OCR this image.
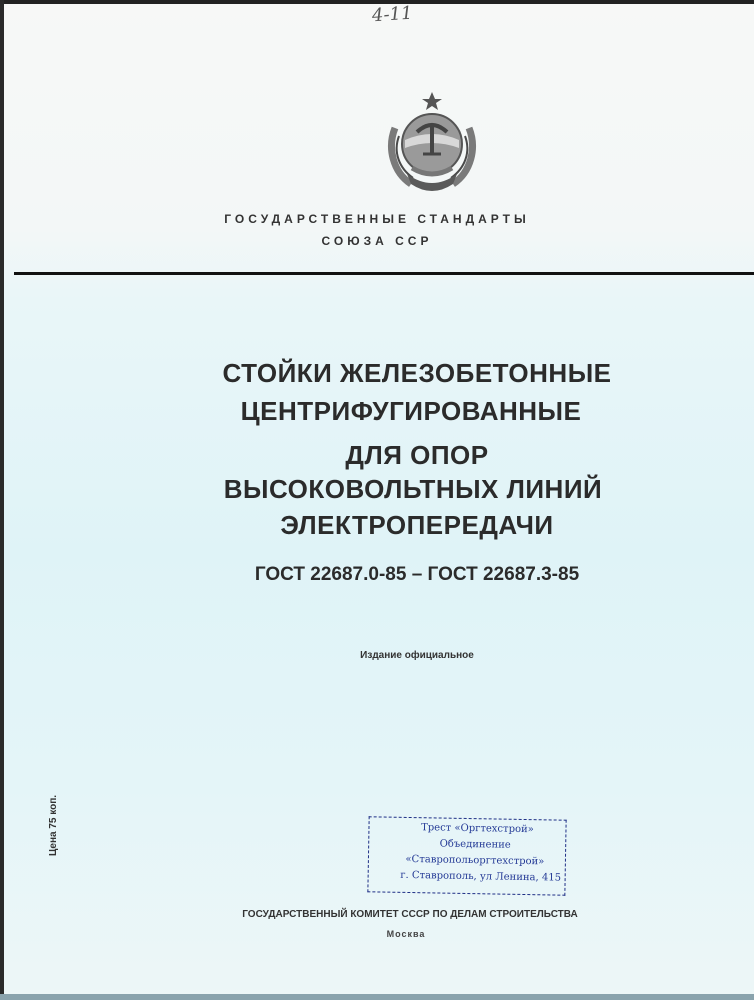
4-11
ГОСУДАРСТВЕННЫЕ СТАНДАРТЫ
СОЮЗА ССР
СТОЙКИ ЖЕЛЕЗОБЕТОННЫЕ
ЦЕНТРИФУГИРОВАННЫЕ
ДЛЯ ОПОР
ВЫСОКОВОЛЬТНЫХ ЛИНИЙ
ЭЛЕКТРОПЕРЕДАЧИ
ГОСТ 22687.0-85 – ГОСТ 22687.3-85
Издание официальное
Цена 75 коп.	Трест «Оргтехстрой»
Объединение
«Ставропольоргтехстрой»
г. Ставрополь, ул Ленина, 415
ГОСУДАРСТВЕННЫЙ КОМИТЕТ СССР ПО ДЕЛАМ СТРОИТЕЛЬСТВА
Москва
